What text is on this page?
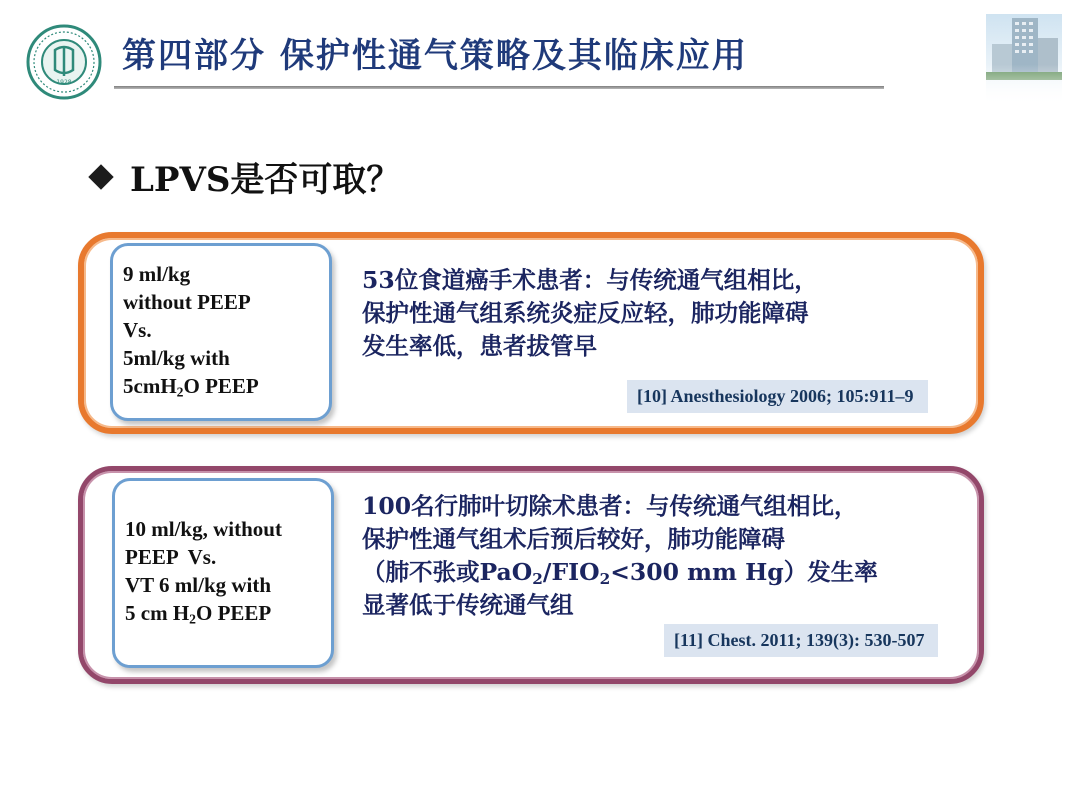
1928
第四部分 保护性通气策略及其临床应用
LPVS是否可取？
9 ml/kg
without PEEP
Vs.
5ml/kg with
5cmH$_2$O PEEP
53位食道癌手术患者：与传统通气组相比，
保护性通气组系统炎症反应轻，肺功能障碍
发生率低，患者拔管早
[10] Anesthesiology 2006; 105:911–9
10 ml/kg, without
PEEP  Vs.
VT 6 ml/kg with
5 cm $H_2O$ PEEP
100名行肺叶切除术患者：与传统通气组相比，
保护性通气组术后预后较好，肺功能障碍
（肺不张或$PaO_2/FIO_2<300$ mm Hg）发生率
显著低于传统通气组
[11] Chest. 2011; 139(3): 530-507
